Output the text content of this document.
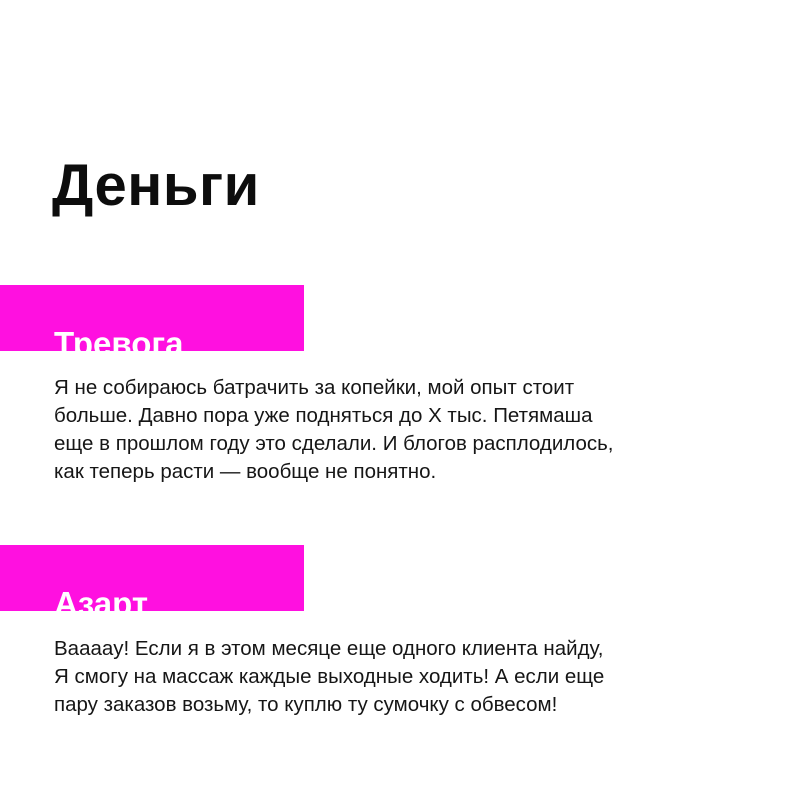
Деньги
Тревога

Я не собираюсь батрачить за копейки, мой опыт стоит
больше. Давно пора уже подняться до Х тыс. Петямаша
еще в прошлом году это сделали. И блогов расплодилось,
как теперь расти — вообще не понятно.

Азарт

Вааааy! Если я в этом месяце еще одного клиента найду,
Я смогу на массаж каждые выходные ходить! А если еще
пару заказов возьму, то куплю ту сумочку с обвесом!
